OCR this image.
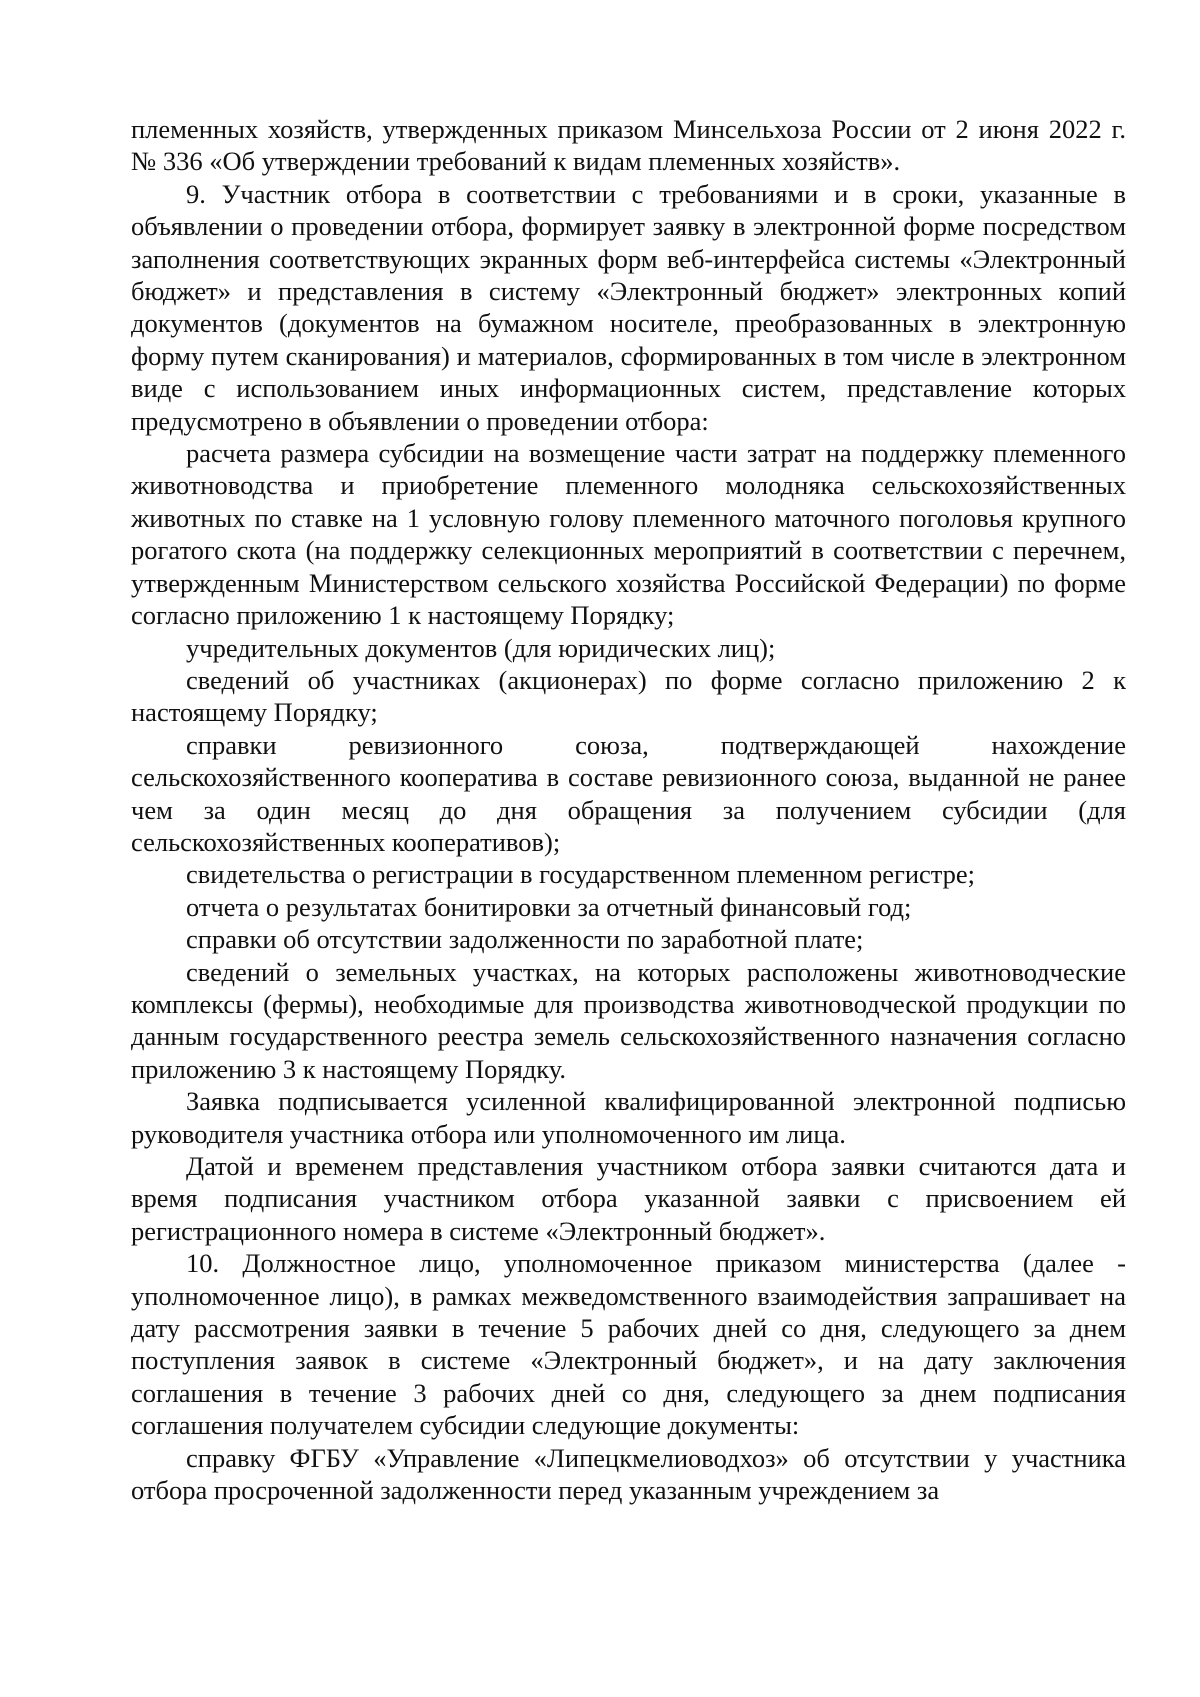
племенных хозяйств, утвержденных приказом Минсельхоза России от 2 июня 2022 г. № 336 «Об утверждении требований к видам племенных хозяйств».

9. Участник отбора в соответствии с требованиями и в сроки, указанные в объявлении о проведении отбора, формирует заявку в электронной форме посредством заполнения соответствующих экранных форм веб-интерфейса системы «Электронный бюджет» и представления в систему «Электронный бюджет» электронных копий документов (документов на бумажном носителе, преобразованных в электронную форму путем сканирования) и материалов, сформированных в том числе в электронном виде с использованием иных информационных систем, представление которых предусмотрено в объявлении о проведении отбора:

расчета размера субсидии на возмещение части затрат на поддержку племенного животноводства и приобретение племенного молодняка сельскохозяйственных животных по ставке на 1 условную голову племенного маточного поголовья крупного рогатого скота (на поддержку селекционных мероприятий в соответствии с перечнем, утвержденным Министерством сельского хозяйства Российской Федерации) по форме согласно приложению 1 к настоящему Порядку;

учредительных документов (для юридических лиц);

сведений об участниках (акционерах) по форме согласно приложению 2 к настоящему Порядку;

справки ревизионного союза, подтверждающей нахождение сельскохозяйственного кооператива в составе ревизионного союза, выданной не ранее чем за один месяц до дня обращения за получением субсидии (для сельскохозяйственных кооперативов);

свидетельства о регистрации в государственном племенном регистре;

отчета о результатах бонитировки за отчетный финансовый год;

справки об отсутствии задолженности по заработной плате;

сведений о земельных участках, на которых расположены животноводческие комплексы (фермы), необходимые для производства животноводческой продукции по данным государственного реестра земель сельскохозяйственного назначения согласно приложению 3 к настоящему Порядку.

Заявка подписывается усиленной квалифицированной электронной подписью руководителя участника отбора или уполномоченного им лица.

Датой и временем представления участником отбора заявки считаются дата и время подписания участником отбора указанной заявки с присвоением ей регистрационного номера в системе «Электронный бюджет».

10. Должностное лицо, уполномоченное приказом министерства (далее - уполномоченное лицо), в рамках межведомственного взаимодействия запрашивает на дату рассмотрения заявки в течение 5 рабочих дней со дня, следующего за днем поступления заявок в системе «Электронный бюджет», и на дату заключения соглашения в течение 3 рабочих дней со дня, следующего за днем подписания соглашения получателем субсидии следующие документы:

справку ФГБУ «Управление «Липецкмелиоводхоз» об отсутствии у участника отбора просроченной задолженности перед указанным учреждением за
